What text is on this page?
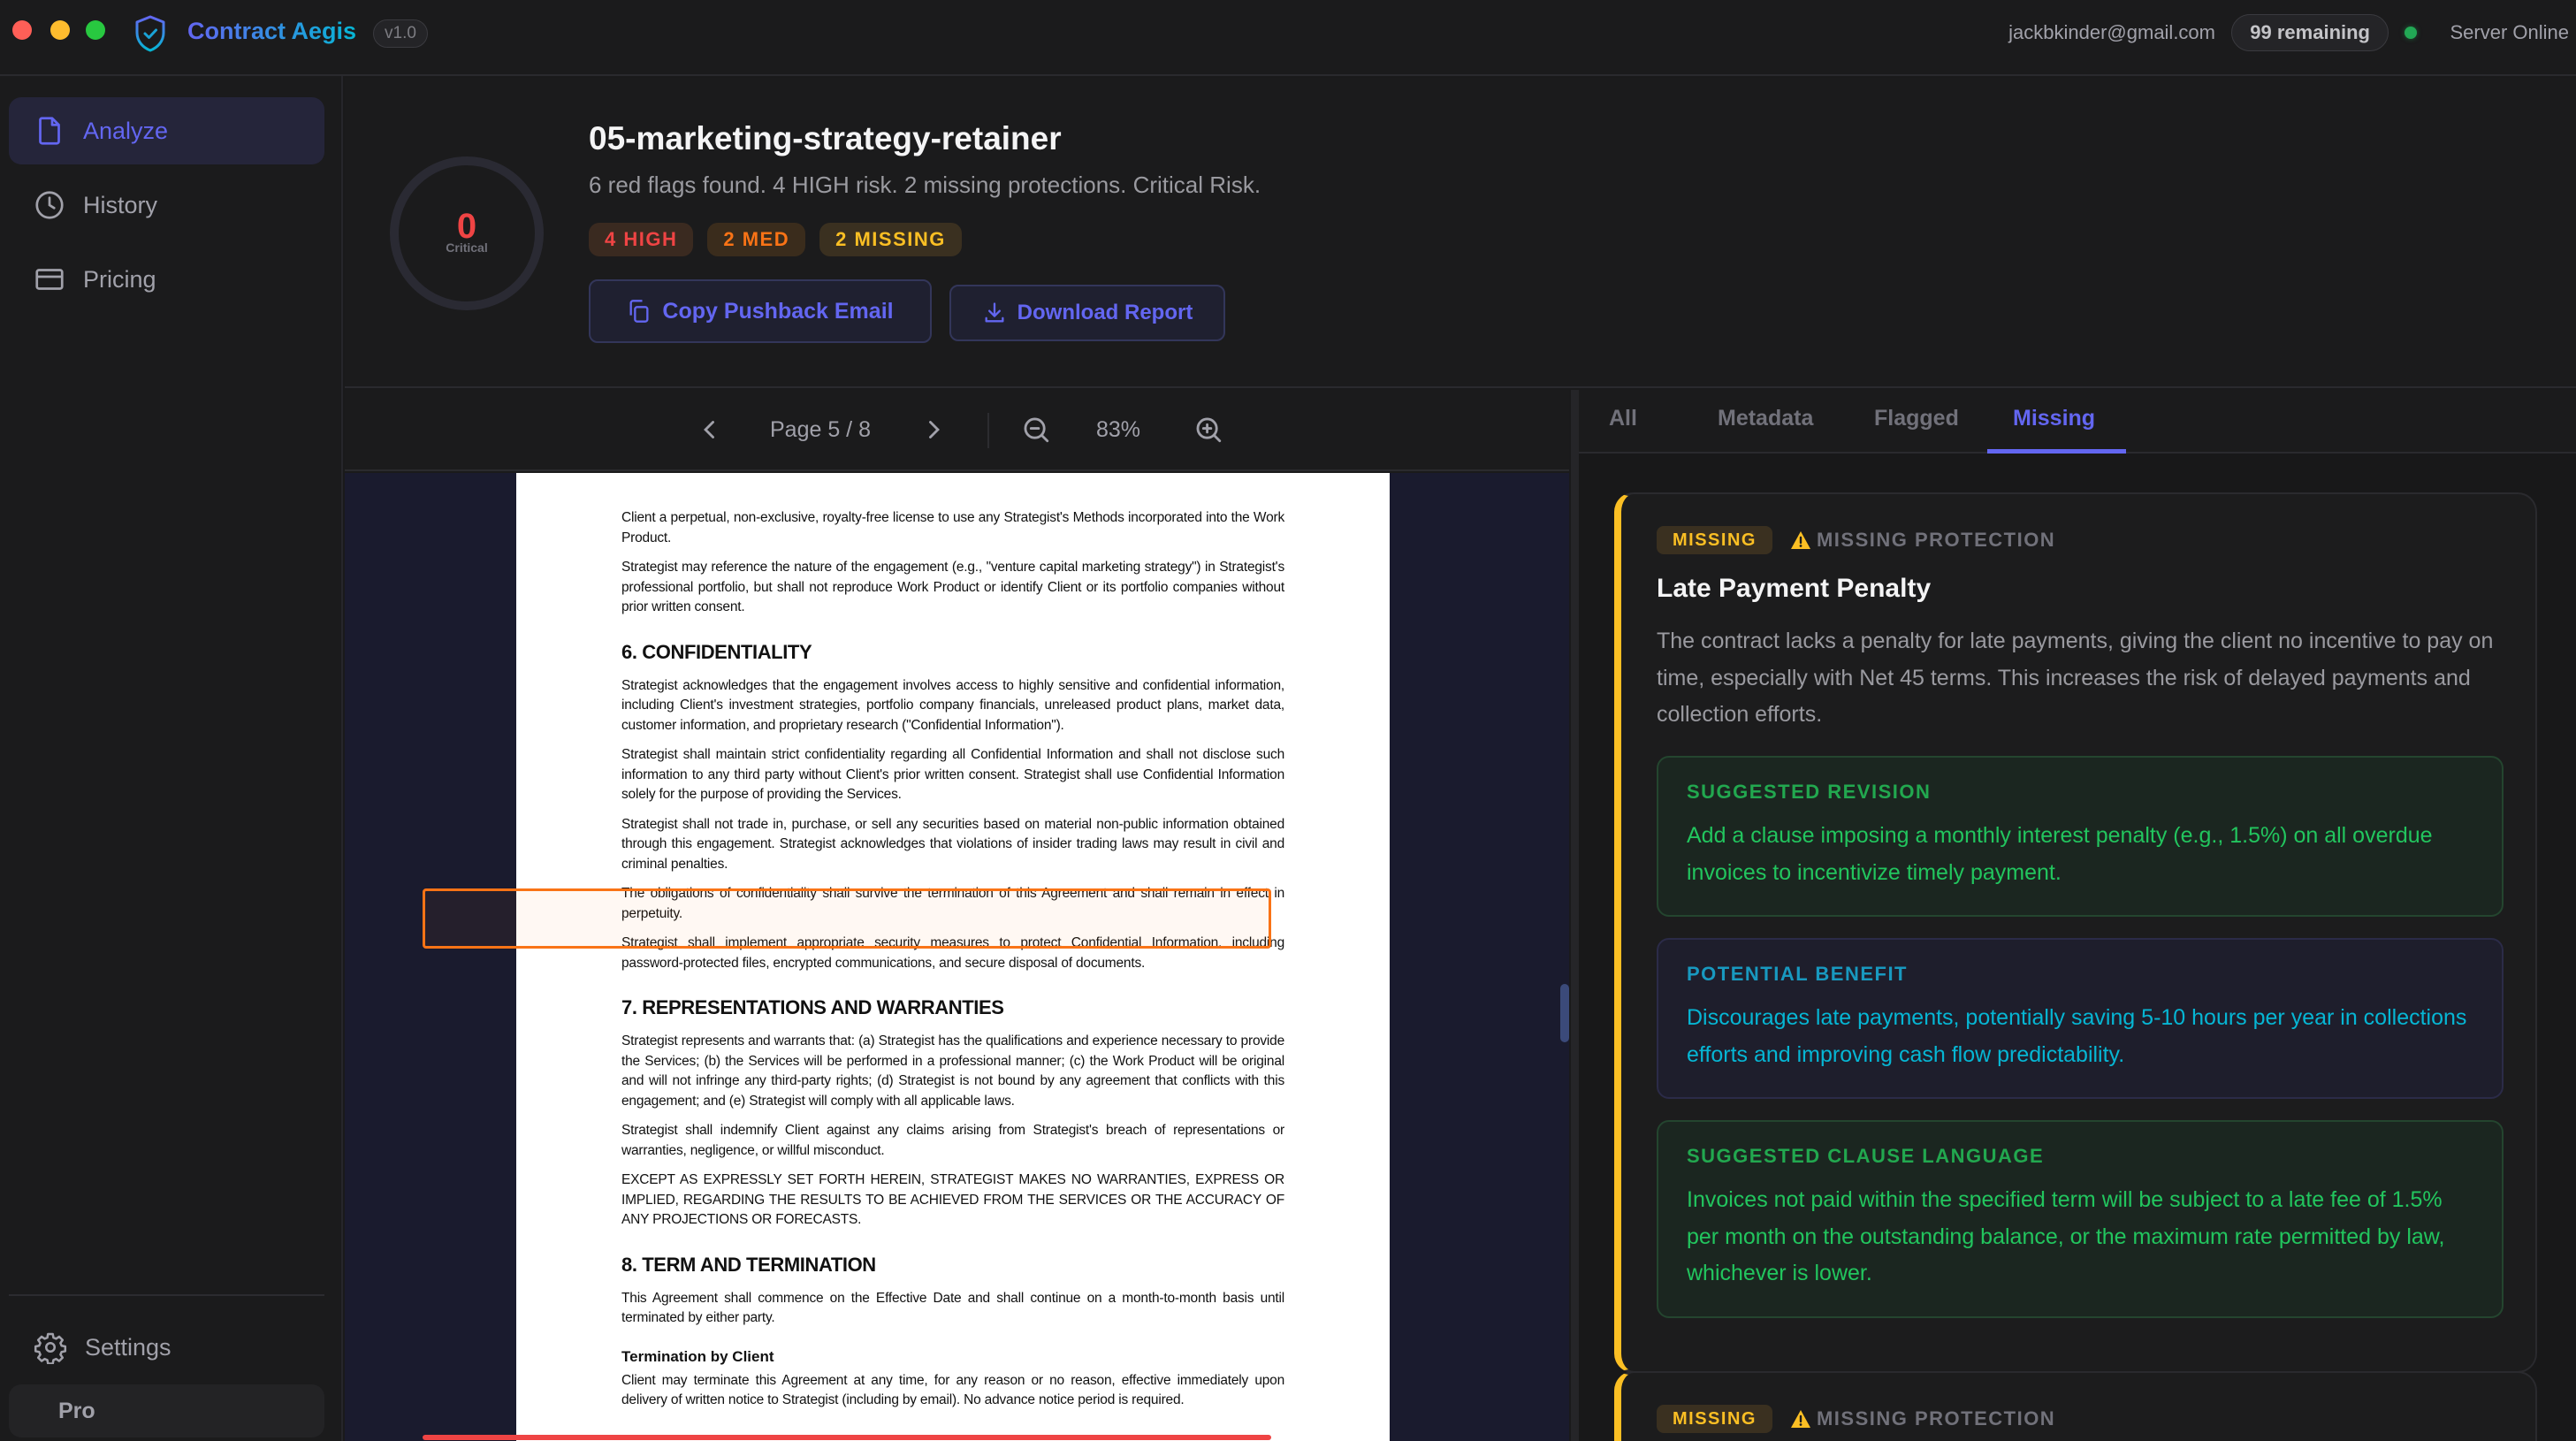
Contract Aegis	v1.0	jackbkinder@gmail.com	99 remaining	Server Online
Analyze
History
Pricing
Settings
Pro
0
Critical
05-marketing-strategy-retainer
6 red flags found. 4 HIGH risk. 2 missing protections. Critical Risk.
4 HIGH	2 MED	2 MISSING
Copy Pushback Email	Download Report
Page 5 / 8	83%

Client a perpetual, non-exclusive, royalty-free license to use any Strategist's Methods incorporated into the Work Product.

Strategist may reference the nature of the engagement (e.g., "venture capital marketing strategy") in Strategist's professional portfolio, but shall not reproduce Work Product or identify Client or its portfolio companies without prior written consent.

6. CONFIDENTIALITY

Strategist acknowledges that the engagement involves access to highly sensitive and confidential information, including Client's investment strategies, portfolio company financials, unreleased product plans, market data, customer information, and proprietary research ("Confidential Information").

Strategist shall maintain strict confidentiality regarding all Confidential Information and shall not disclose such information to any third party without Client's prior written consent. Strategist shall use Confidential Information solely for the purpose of providing the Services.

Strategist shall not trade in, purchase, or sell any securities based on material non-public information obtained through this engagement. Strategist acknowledges that violations of insider trading laws may result in civil and criminal penalties.

The obligations of confidentiality shall survive the termination of this Agreement and shall remain in effect in perpetuity.

Strategist shall implement appropriate security measures to protect Confidential Information, including password-protected files, encrypted communications, and secure disposal of documents.

7. REPRESENTATIONS AND WARRANTIES

Strategist represents and warrants that: (a) Strategist has the qualifications and experience necessary to provide the Services; (b) the Services will be performed in a professional manner; (c) the Work Product will be original and will not infringe any third-party rights; (d) Strategist is not bound by any agreement that conflicts with this engagement; and (e) Strategist will comply with all applicable laws.

Strategist shall indemnify Client against any claims arising from Strategist's breach of representations or warranties, negligence, or willful misconduct.

EXCEPT AS EXPRESSLY SET FORTH HEREIN, STRATEGIST MAKES NO WARRANTIES, EXPRESS OR IMPLIED, REGARDING THE RESULTS TO BE ACHIEVED FROM THE SERVICES OR THE ACCURACY OF ANY PROJECTIONS OR FORECASTS.

8. TERM AND TERMINATION

This Agreement shall commence on the Effective Date and shall continue on a month-to-month basis until terminated by either party.

Termination by Client

Client may terminate this Agreement at any time, for any reason or no reason, effective immediately upon delivery of written notice to Strategist (including by email). No advance notice period is required.

All	Metadata	Flagged Missing
MISSING	MISSING PROTECTION
Late Payment Penalty
The contract lacks a penalty for late payments, giving the client no incentive to pay on time, especially with Net 45 terms. This increases the risk of delayed payments and collection efforts.
SUGGESTED REVISION
Add a clause imposing a monthly interest penalty (e.g., 1.5%) on all overdue invoices to incentivize timely payment.
POTENTIAL BENEFIT
Discourages late payments, potentially saving 5-10 hours per year in collections efforts and improving cash flow predictability.
SUGGESTED CLAUSE LANGUAGE
Invoices not paid within the specified term will be subject to a late fee of 1.5% per month on the outstanding balance, or the maximum rate permitted by law, whichever is lower.
MISSING	MISSING PROTECTION
